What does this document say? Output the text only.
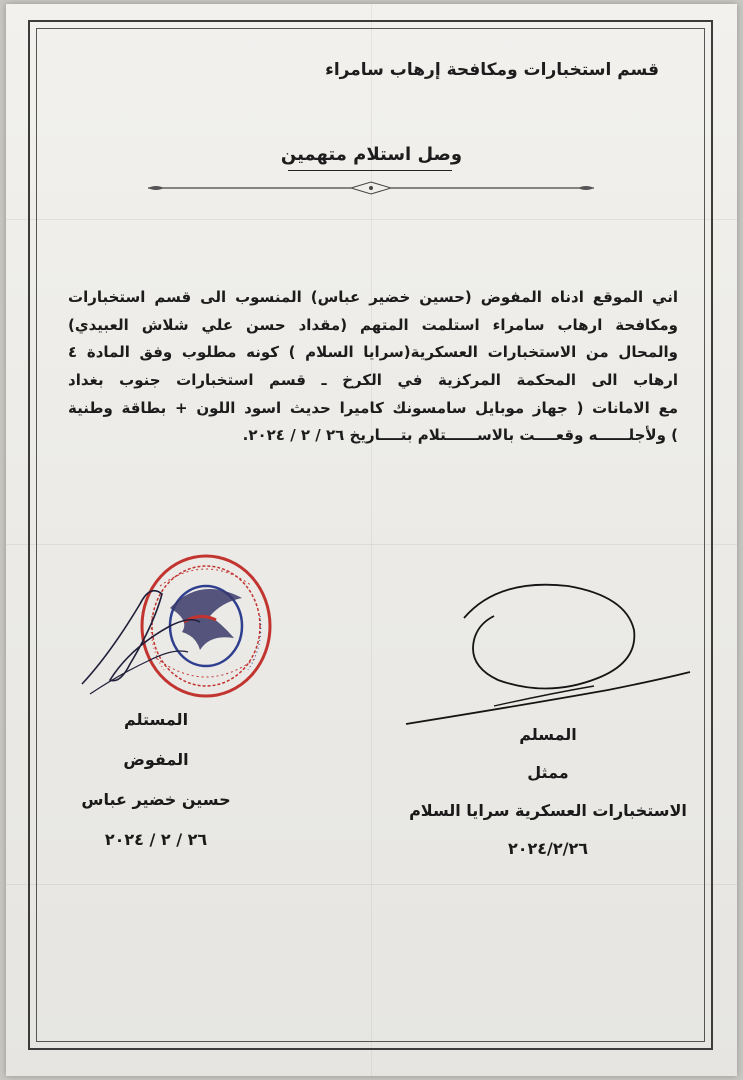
قسم استخبارات ومكافحة إرهاب سامراء
وصل استلام متهمين
اني الموقع ادناه المفوض (حسين خضير عباس) المنسوب الى قسم استخبارات
ومكافحة ارهاب سامراء استلمت المتهم (مقداد حسن علي شلاش العبيدي)
والمحال من الاستخبارات العسكرية(سرايا السلام ) كونه مطلوب وفق المادة ٤
ارهاب الى المحكمة المركزية في الكرخ ـ قسم استخبارات جنوب بغداد
مع الامانات ( جهاز موبايل سامسونك كاميرا حديث اسود اللون + بطاقة وطنية
) ولأجلــــــه وقعــــت بالاســــــتلام بتــــاريخ ٢٦ / ٢ / ٢٠٢٤.
المستلم
المفوض
حسين خضير عباس
٢٦ / ٢ / ٢٠٢٤
المسلم
ممثل
الاستخبارات العسكرية سرايا السلام
٢٠٢٤/٢/٢٦
